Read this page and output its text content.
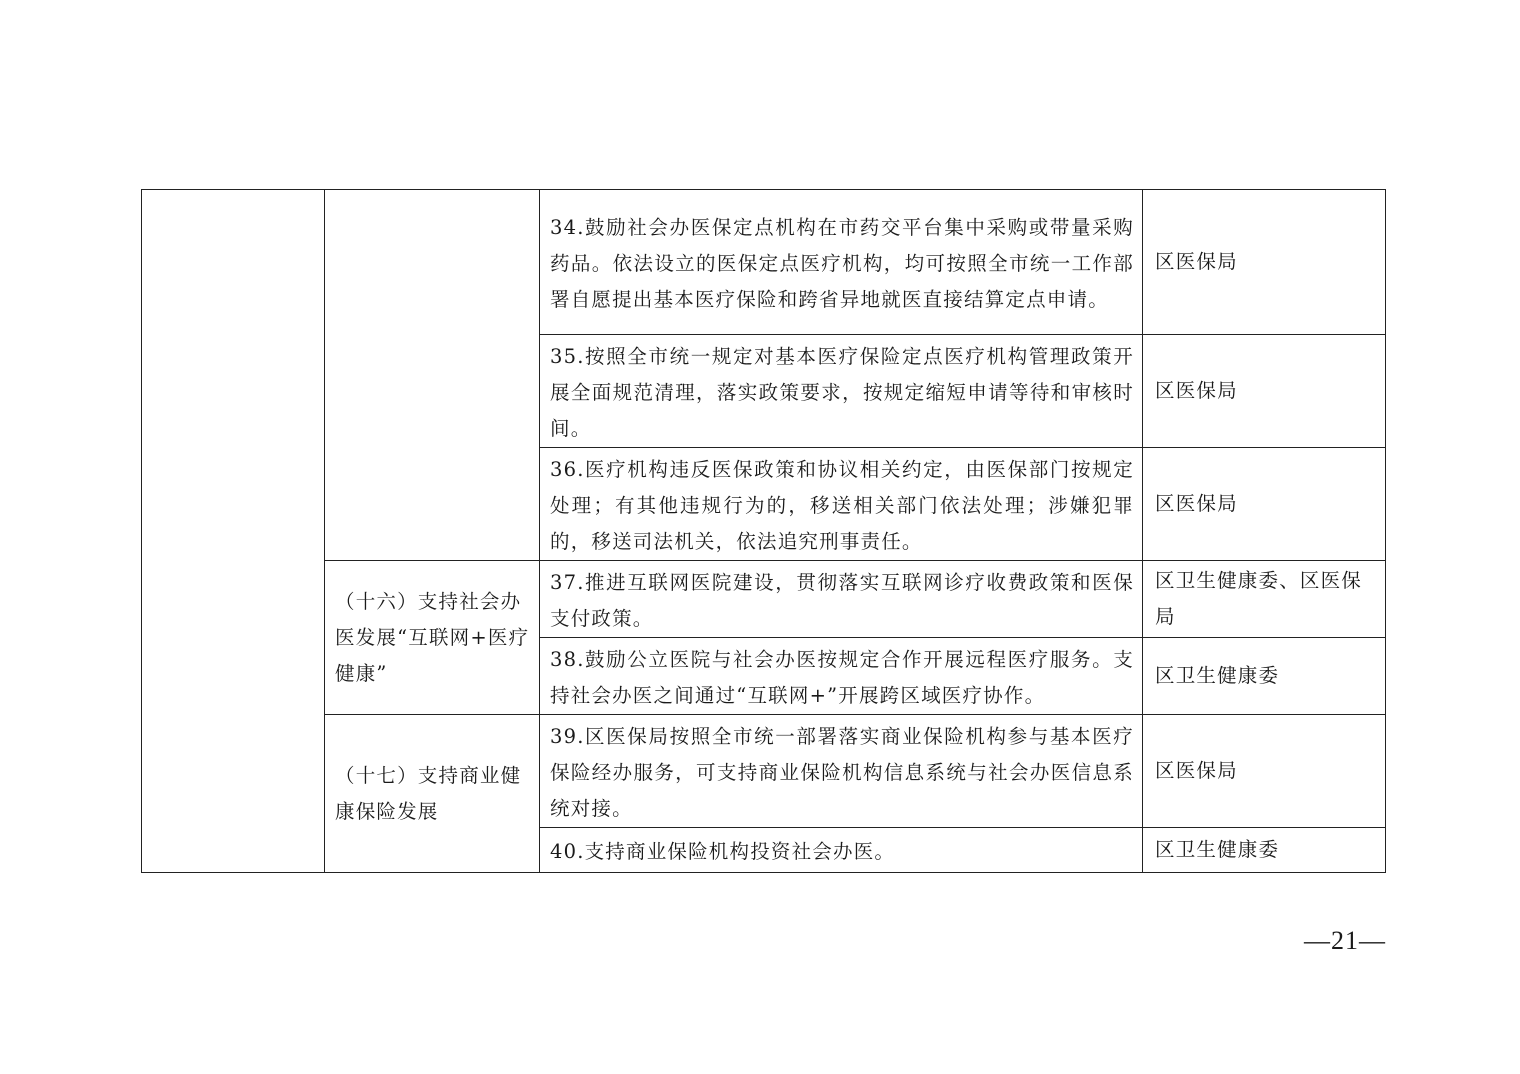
		34.鼓励社会办医保定点机构在市药交平台集中采购或带量采购药品。依法设立的医保定点医疗机构，均可按照全市统一工作部署自愿提出基本医疗保险和跨省异地就医直接结算定点申请。	区医保局
		35.按照全市统一规定对基本医疗保险定点医疗机构管理政策开展全面规范清理，落实政策要求，按规定缩短申请等待和审核时间。	区医保局
		36.医疗机构违反医保政策和协议相关约定，由医保部门按规定处理；有其他违规行为的，移送相关部门依法处理；涉嫌犯罪的，移送司法机关，依法追究刑事责任。	区医保局
	（十六）支持社会办医发展“互联网+医疗健康”	37.推进互联网医院建设，贯彻落实互联网诊疗收费政策和医保支付政策。	区卫生健康委、区医保局
		38.鼓励公立医院与社会办医按规定合作开展远程医疗服务。支持社会办医之间通过“互联网+”开展跨区域医疗协作。	区卫生健康委
	（十七）支持商业健康保险发展	39.区医保局按照全市统一部署落实商业保险机构参与基本医疗保险经办服务，可支持商业保险机构信息系统与社会办医信息系统对接。	区医保局
		40.支持商业保险机构投资社会办医。	区卫生健康委
—21—
